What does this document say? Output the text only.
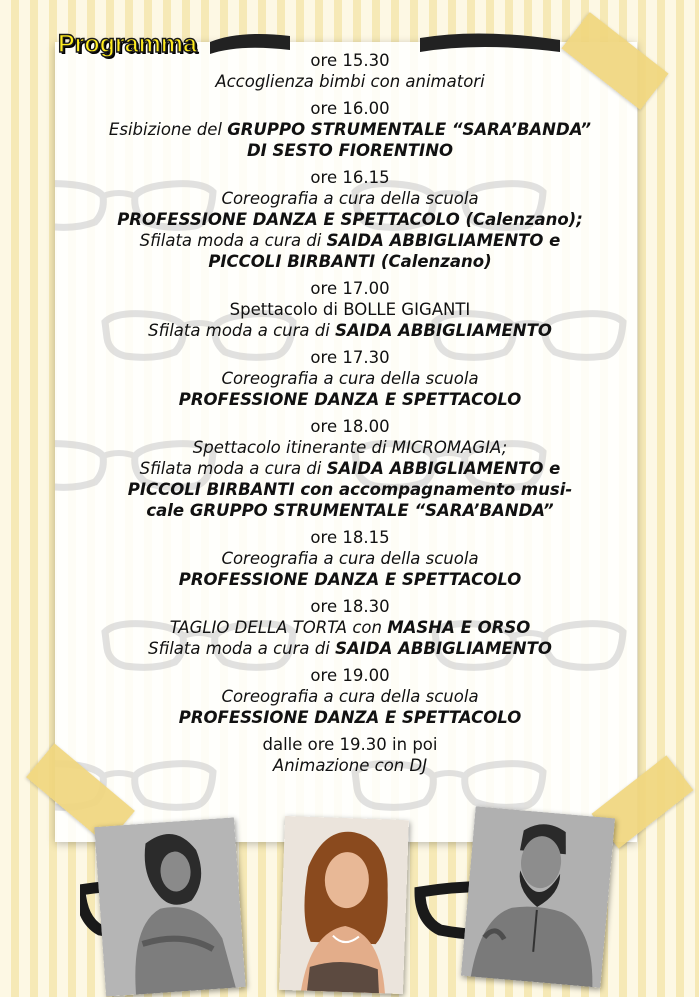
Programma
ore 15.30
Accoglienza bimbi con animatori
ore 16.00
Esibizione del GRUPPO STRUMENTALE “SARA’BANDA”
DI SESTO FIORENTINO
ore 16.15
Coreografia a cura della scuola
PROFESSIONE DANZA E SPETTACOLO (Calenzano);
Sfilata moda a cura di SAIDA ABBIGLIAMENTO e
PICCOLI BIRBANTI (Calenzano)
ore 17.00
Spettacolo di BOLLE GIGANTI
Sfilata moda a cura di SAIDA ABBIGLIAMENTO
ore 17.30
Coreografia a cura della scuola
PROFESSIONE DANZA E SPETTACOLO
ore 18.00
Spettacolo itinerante di MICROMAGIA;
Sfilata moda a cura di SAIDA ABBIGLIAMENTO e
PICCOLI BIRBANTI con accompagnamento musi-
cale GRUPPO STRUMENTALE “SARA’BANDA”
ore 18.15
Coreografia a cura della scuola
PROFESSIONE DANZA E SPETTACOLO
ore 18.30
TAGLIO DELLA TORTA con MASHA E ORSO
Sfilata moda a cura di SAIDA ABBIGLIAMENTO
ore 19.00
Coreografia a cura della scuola
PROFESSIONE DANZA E SPETTACOLO
dalle ore 19.30 in poi
Animazione con DJ
